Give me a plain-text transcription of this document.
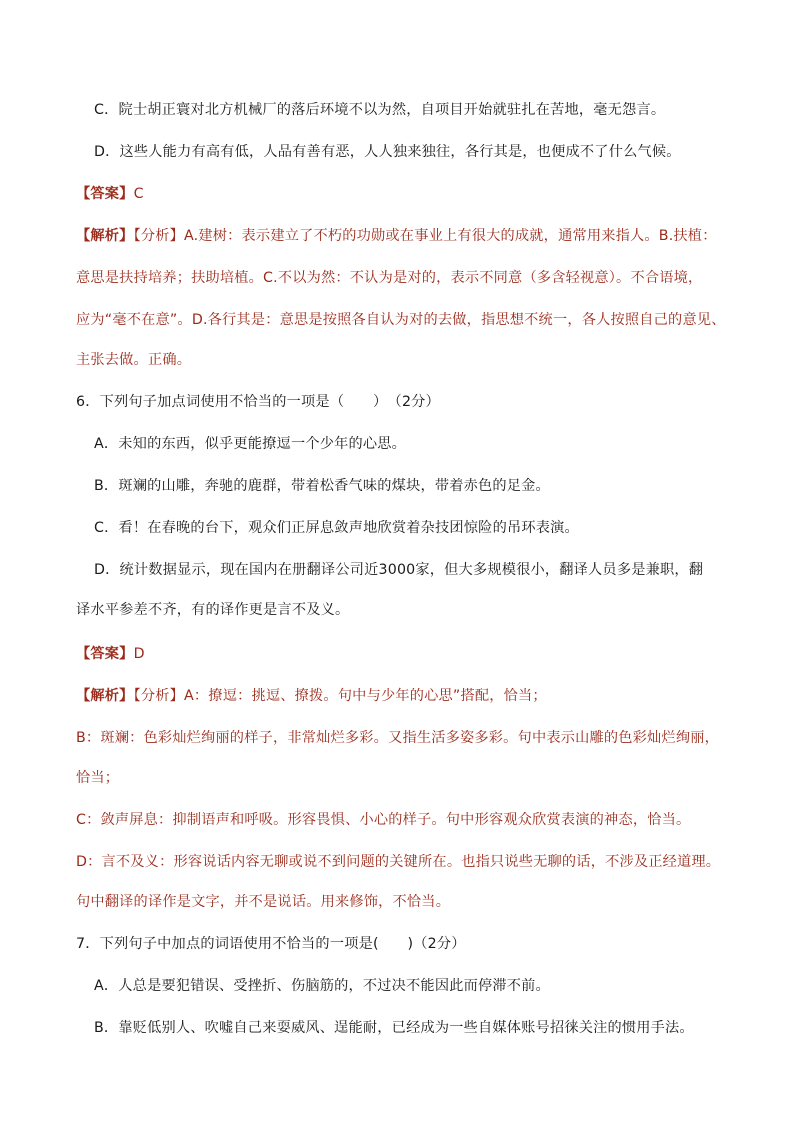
C．院士胡正寰对北方机械厂的落后环境不以为然，自项目开始就驻扎在苦地，毫无怨言。
D．这些人能力有高有低，人品有善有恶，人人独来独往，各行其是，也便成不了什么气候。
【答案】C
【解析】【分析】A.建树：表示建立了不朽的功勋或在事业上有很大的成就，通常用来指人。B.扶植：
意思是扶持培养；扶助培植。C.不以为然：不认为是对的，表示不同意（多含轻视意）。不合语境，
应为“毫不在意”。D.各行其是：意思是按照各自认为对的去做，指思想不统一，各人按照自己的意见、
主张去做。正确。
6．下列句子加点词使用不恰当的一项是（　　）　（2分）
A．未知的东西，似乎更能撩逗一个少年的心思。
B．斑斓的山雕，奔驰的鹿群，带着松香气味的煤块，带着赤色的足金。
C．看！在春晚的台下，观众们正屏息敛声地欣赏着杂技团惊险的吊环表演。
D．统计数据显示，现在国内在册翻译公司近3000家，但大多规模很小，翻译人员多是兼职，翻
译水平参差不齐，有的译作更是言不及义。
【答案】D
【解析】【分析】A：撩逗：挑逗、撩拨。句中与少年的心思”搭配，恰当；
B：斑斓：色彩灿烂绚丽的样子，非常灿烂多彩。又指生活多姿多彩。句中表示山雕的色彩灿烂绚丽，
恰当；
C：敛声屏息：抑制语声和呼吸。形容畏惧、小心的样子。句中形容观众欣赏表演的神态，恰当。
D：言不及义：形容说话内容无聊或说不到问题的关键所在。也指只说些无聊的话，不涉及正经道理。
句中翻译的译作是文字，并不是说话。用来修饰，不恰当。
7．下列句子中加点的词语使用不恰当的一项是(　　)（2分）
A．人总是要犯错误、受挫折、伤脑筋的，不过决不能因此而停滞不前。
B．靠贬低别人、吹嘘自己来耍威风、逞能耐，已经成为一些自媒体账号招徕关注的惯用手法。
